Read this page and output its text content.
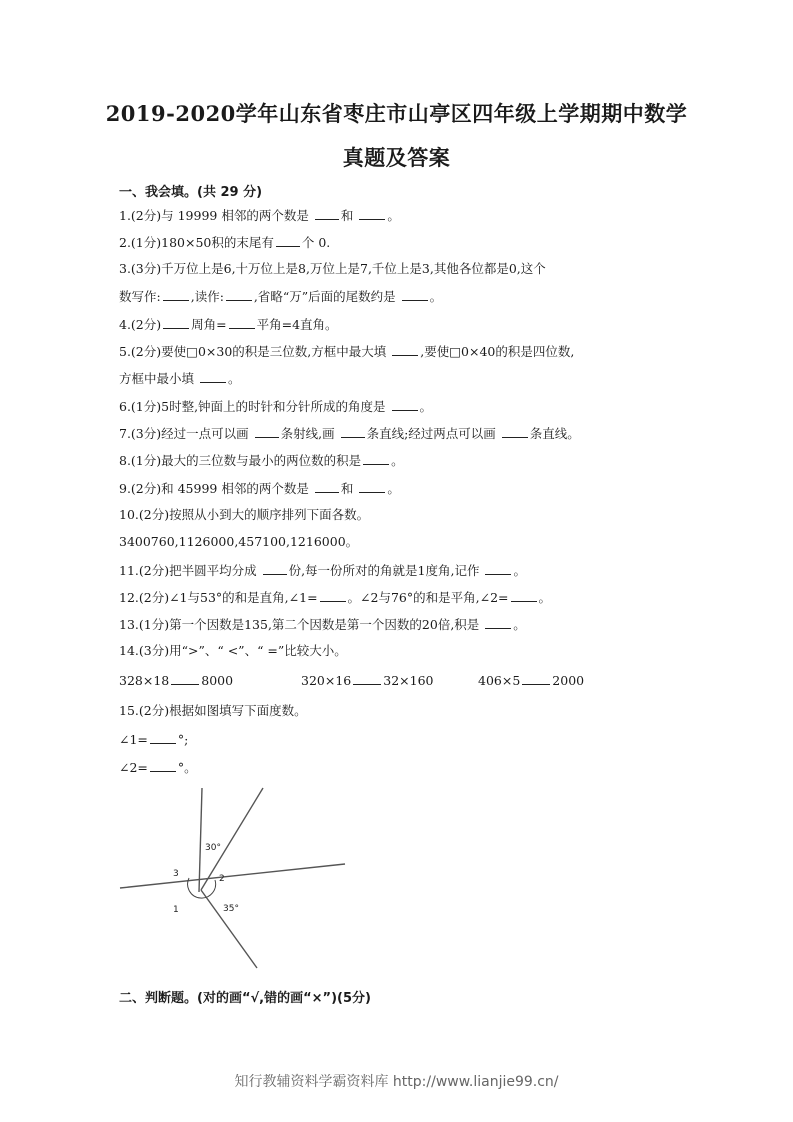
2019-2020学年山东省枣庄市山亭区四年级上学期期中数学
真题及答案
一、我会填。(共 29 分)
1.(2分)与 19999 相邻的两个数是 和 。
2.(1分)180×50积的末尾有 个 0.
3.(3分)千万位上是6,十万位上是8,万位上是7,千位上是3,其他各位都是0,这个
数写作: ,读作: ,省略“万”后面的尾数约是 。
4.(2分) 周角= 平角=4直角。
5.(2分)要使□0×30的积是三位数,方框中最大填 ,要使□0×40的积是四位数,
方框中最小填 。
6.(1分)5时整,钟面上的时针和分针所成的角度是 。
7.(3分)经过一点可以画 条射线,画 条直线;经过两点可以画 条直线。
8.(1分)最大的三位数与最小的两位数的积是 。
9.(2分)和 45999 相邻的两个数是 和 。
10.(2分)按照从小到大的顺序排列下面各数。
3400760,1126000,457100,1216000。
11.(2分)把半圆平均分成 份,每一份所对的角就是1度角,记作 。
12.(2分)∠1与53°的和是直角,∠1= 。∠2与76°的和是平角,∠2= 。
13.(1分)第一个因数是135,第二个因数是第一个因数的20倍,积是 。
14.(3分)用“>”、“ <”、“ =”比较大小。
328×18	8000	320×16	32×160	406×5	2000
15.(2分)根据如图填写下面度数。
∠1= °;
∠2= °。
30°
3	2
1	35°
二、判断题。(对的画“√,错的画“×”)(5分)
知行教辅资料学霸资料库 http://www.lianjie99.cn/
